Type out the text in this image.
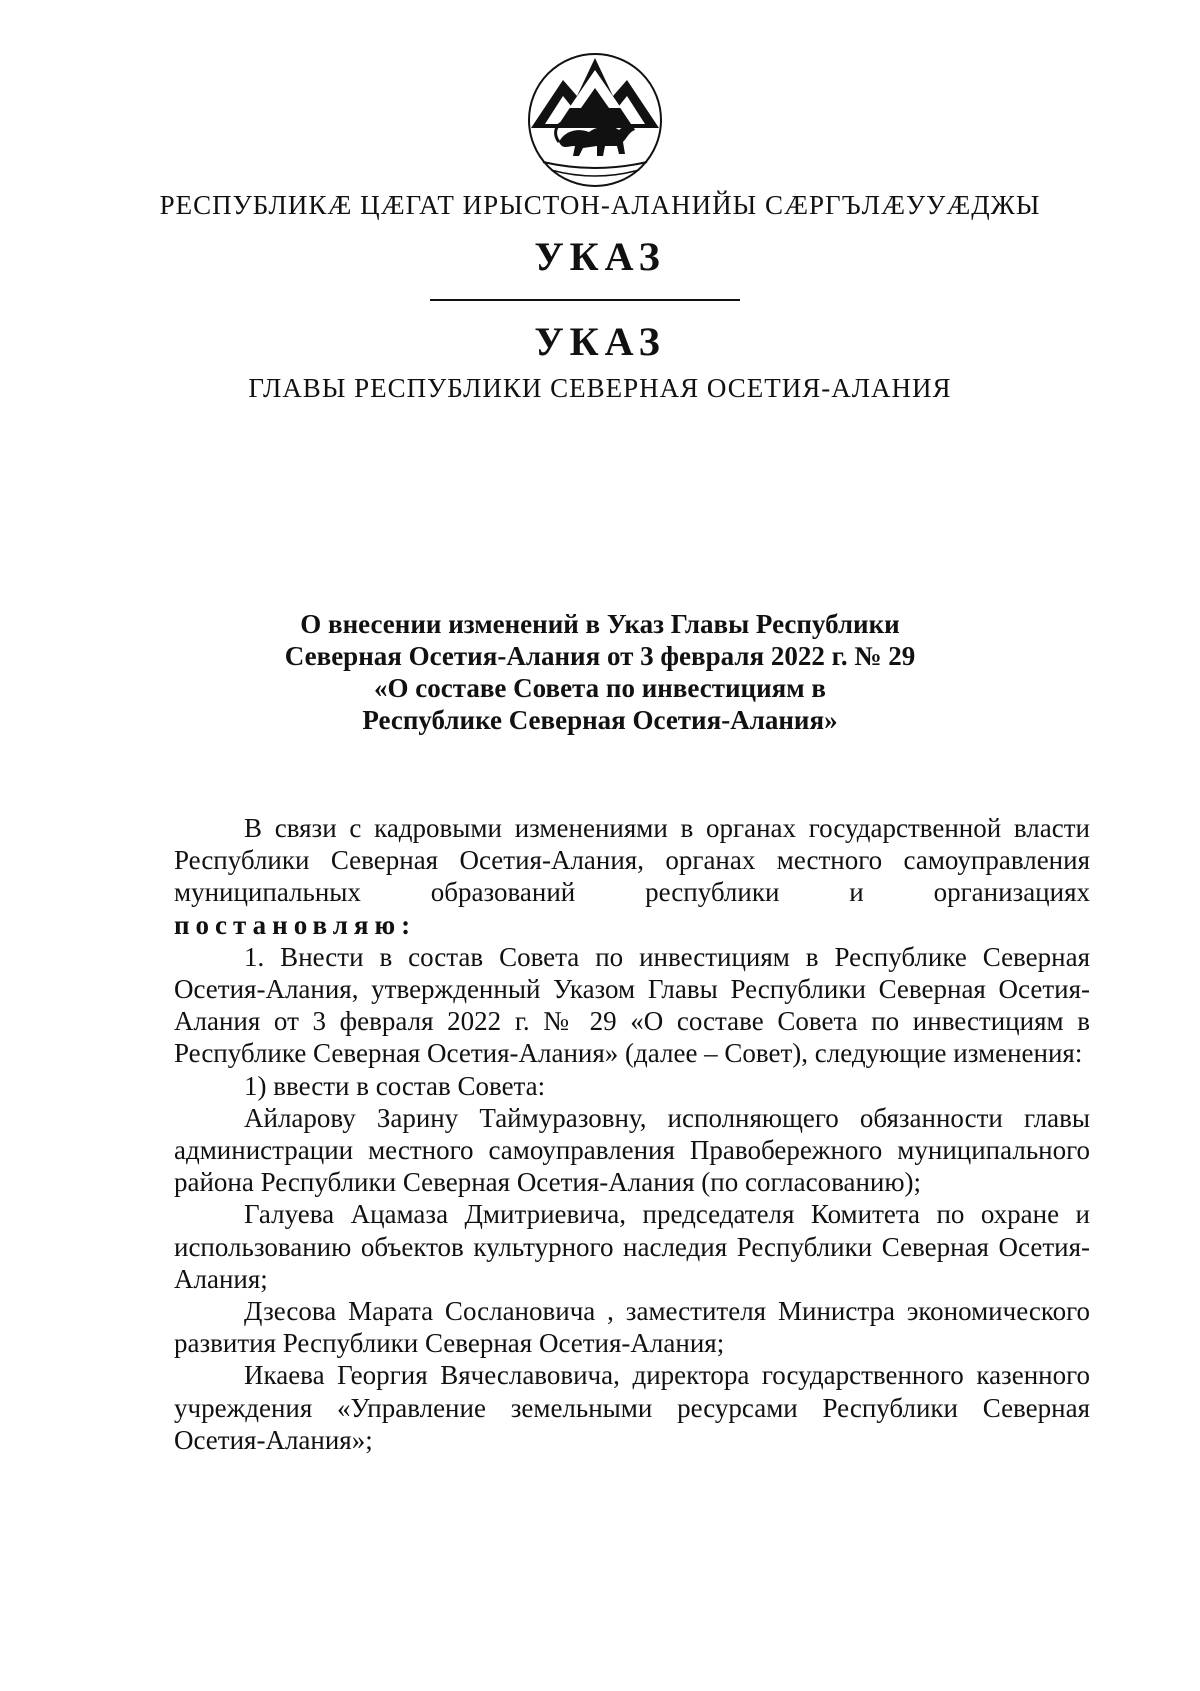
РЕСПУБЛИКÆ ЦÆГАТ ИРЫСТОН-АЛАНИЙЫ СÆРГЪЛÆУУÆДЖЫ
УКАЗ
УКАЗ
ГЛАВЫ РЕСПУБЛИКИ СЕВЕРНАЯ ОСЕТИЯ-АЛАНИЯ
О внесении изменений в Указ Главы Республики
Северная Осетия-Алания от 3 февраля 2022 г. № 29
«О составе Совета по инвестициям в
Республике Северная Осетия-Алания»

В связи с кадровыми изменениями в органах государственной власти Республики Северная Осетия-Алания, органах местного самоуправления муниципальных образований республики и организациях

постановляю:

1. Внести в состав Совета по инвестициям в Республике Северная Осетия-Алания, утвержденный Указом Главы Республики Северная Осетия-Алания от 3 февраля 2022 г. № 29 «О составе Совета по инвестициям в Республике Северная Осетия-Алания» (далее – Совет), следующие изменения:

1) ввести в состав Совета:

Айларову Зарину Таймуразовну, исполняющего обязанности главы администрации местного самоуправления Правобережного муниципального района Республики Северная Осетия-Алания (по согласованию);

Галуева Ацамаза Дмитриевича, председателя Комитета по охране и использованию объектов культурного наследия Республики Северная Осетия-Алания;

Дзесова Марата Сослановича , заместителя Министра экономического развития Республики Северная Осетия-Алания;

Икаева Георгия Вячеславовича, директора государственного казенного учреждения «Управление земельными ресурсами Республики Северная Осетия-Алания»;
